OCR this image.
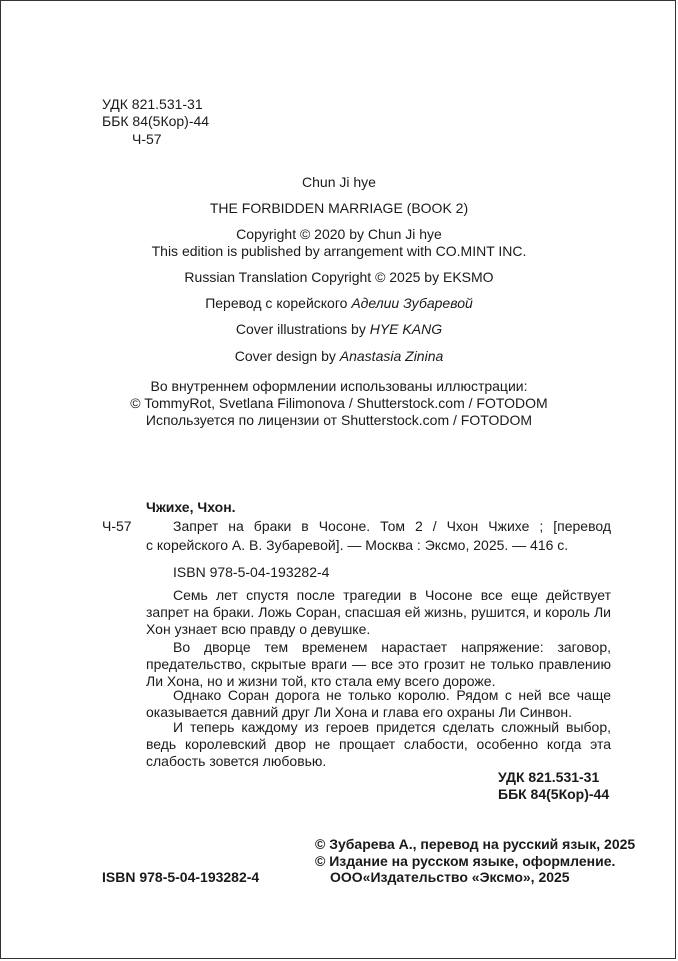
УДК 821.531-31
ББК 84(5Кор)-44
Ч-57
Chun Ji hye
THE FORBIDDEN MARRIAGE (BOOK 2)
Copyright © 2020 by Chun Ji hye
This edition is published by arrangement with CO.MINT INC.
Russian Translation Copyright © 2025 by EKSMO
Перевод с корейского Аделии Зубаревой
Cover illustrations by HYE KANG
Cover design by Anastasia Zinina
Во внутреннем оформлении использованы иллюстрации:
© TommyRot, Svetlana Filimonova / Shutterstock.com / FOTODOM
Используется по лицензии от Shutterstock.com / FOTODOM
Чжихе, Чхон.
Ч-57	Запрет на браки в Чосоне. Том 2 / Чхон Чжихе ; [перевод
с корейского А. В. Зубаревой]. — Москва : Эксмо, 2025. — 416 с.
ISBN 978-5-04-193282-4
Семь лет спустя после трагедии в Чосоне все еще действует запрет на браки. Ложь Соран, спасшая ей жизнь, рушится, и король Ли Хон узнает всю правду о девушке.
Во дворце тем временем нарастает напряжение: заговор, предательство, скрытые враги — все это грозит не только правлению Ли Хона, но и жизни той, кто стала ему всего дороже.
Однако Соран дорога не только королю. Рядом с ней все чаще оказывается давний друг Ли Хона и глава его охраны Ли Синвон.
И теперь каждому из героев придется сделать сложный выбор, ведь королевский двор не прощает слабости, особенно когда эта слабость зовется любовью.
УДК 821.531-31
ББК 84(5Кор)-44
© Зубарева А., перевод на русский язык, 2025
© Издание на русском языке, оформление.
ISBN 978-5-04-193282-4	ООО«Издательство «Эксмо», 2025
